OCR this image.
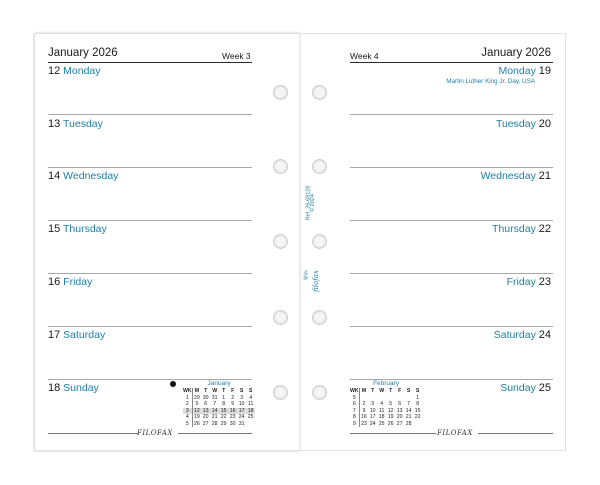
January 2026	Week 3
12 Monday
13 Tuesday
14 Wednesday
15 Thursday
16 Friday
17 Saturday
18 Sunday	January
WK	M	T	W	T	F	S	S
1	29	30	31	1	2	3	4
2	5	6	7	8	9	10	11
3	12	13	14	15	16	17	18
4	19	20	21	22	23	24	25
5	26	27	28	29	30	31	
FILOFAX
Week 4	January 2026
Monday 19
Martin Luther King Jr. Day, USA
Tuesday 20
Wednesday 21
Thursday 22
Friday 23
Saturday 24
Sunday 25
February
WK	M	T	W	T	F	S	S
5							1
6	2	3	4	5	6	7	8
7	9	10	11	12	13	14	15
8	16	17	18	19	20	21	22
9	23	24	25	26	27	28	
FILOFAX
Ref. 26-68126
© 2024
Mini filofax
